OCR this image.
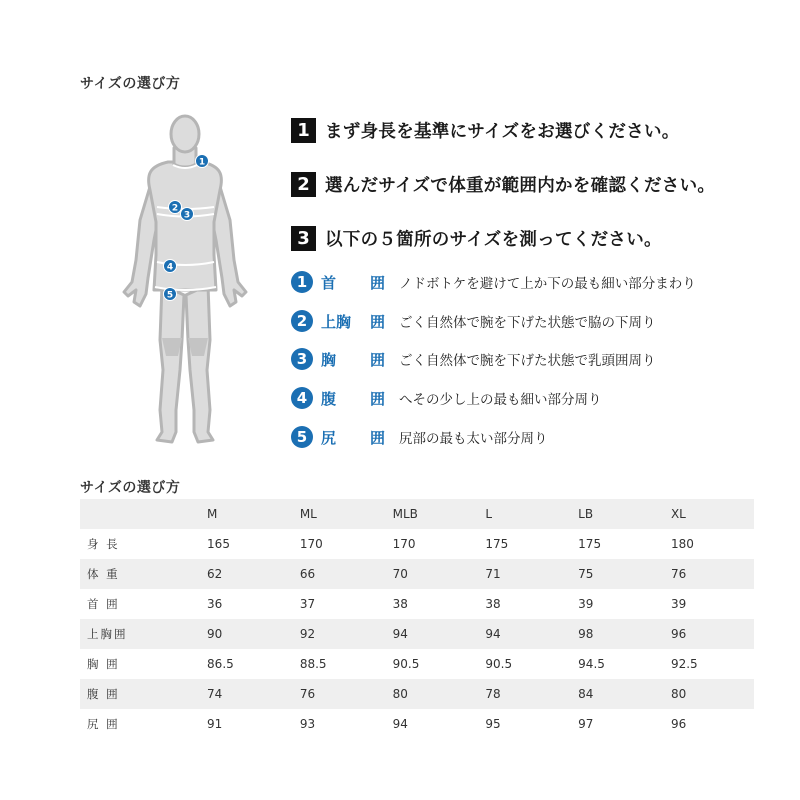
サイズの選び方
1
2
3
4
5
1 まず身長を基準にサイズをお選びください。
2 選んだサイズで体重が範囲内かを確認ください。
3 以下の５箇所のサイズを測ってください。
1 首 囲 ノドボトケを避けて上か下の最も細い部分まわり
2 上胸 囲 ごく自然体で腕を下げた状態で脇の下周り
3 胸 囲 ごく自然体で腕を下げた状態で乳頭囲周り
4 腹 囲 へその少し上の最も細い部分周り
5 尻 囲 尻部の最も太い部分周り
サイズの選び方
	M	ML	MLB	L	LB	XL
身 長	165	170	170	175	175	180
体 重	62	66	70	71	75	76
首 囲	36	37	38	38	39	39
上胸囲	90	92	94	94	98	96
胸 囲	86.5	88.5	90.5	90.5	94.5	92.5
腹 囲	74	76	80	78	84	80
尻 囲	91	93	94	95	97	96
